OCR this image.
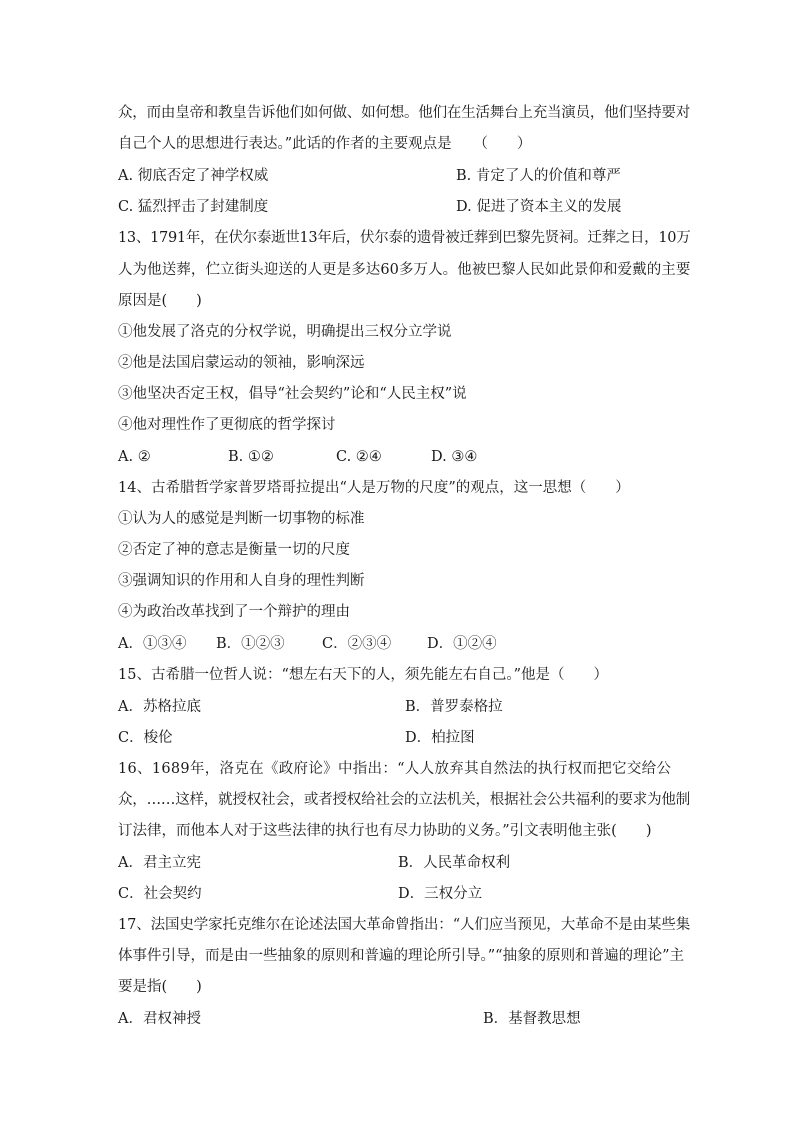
众，而由皇帝和教皇告诉他们如何做、如何想。他们在生活舞台上充当演员，他们坚持要对
自己个人的思想进行表达。”此话的作者的主要观点是　　（　　）
A. 彻底否定了神学权威	B. 肯定了人的价值和尊严
C. 猛烈抨击了封建制度	D. 促进了资本主义的发展
13、1791年，在伏尔泰逝世13年后，伏尔泰的遗骨被迁葬到巴黎先贤祠。迁葬之日，10万
人为他送葬，伫立街头迎送的人更是多达60多万人。他被巴黎人民如此景仰和爱戴的主要
原因是(　　)
①他发展了洛克的分权学说，明确提出三权分立学说
②他是法国启蒙运动的领袖，影响深远
③他坚决否定王权，倡导“社会契约”论和“人民主权”说
④他对理性作了更彻底的哲学探讨
A. ②	B. ①②	C. ②④	D. ③④
14、古希腊哲学家普罗塔哥拉提出“人是万物的尺度”的观点，这一思想（　　）
①认为人的感觉是判断一切事物的标准
②否定了神的意志是衡量一切的尺度
③强调知识的作用和人自身的理性判断
④为政治改革找到了一个辩护的理由
A．①③④ B．①②③	C．②③④ D．①②④
15、古希腊一位哲人说：“想左右天下的人，须先能左右自己。”他是（　　）
A．苏格拉底	B．普罗泰格拉
C．梭伦	D．柏拉图
16、1689年，洛克在《政府论》中指出：“人人放弃其自然法的执行权而把它交给公
众，……这样，就授权社会，或者授权给社会的立法机关，根据社会公共福利的要求为他制
订法律，而他本人对于这些法律的执行也有尽力协助的义务。”引文表明他主张(　　)
A．君主立宪	B．人民革命权利
C．社会契约	D．三权分立
17、法国史学家托克维尔在论述法国大革命曾指出：“人们应当预见，大革命不是由某些集
体事件引导，而是由一些抽象的原则和普遍的理论所引导。”“抽象的原则和普遍的理论”主
要是指(　　)
A．君权神授	B．基督教思想
